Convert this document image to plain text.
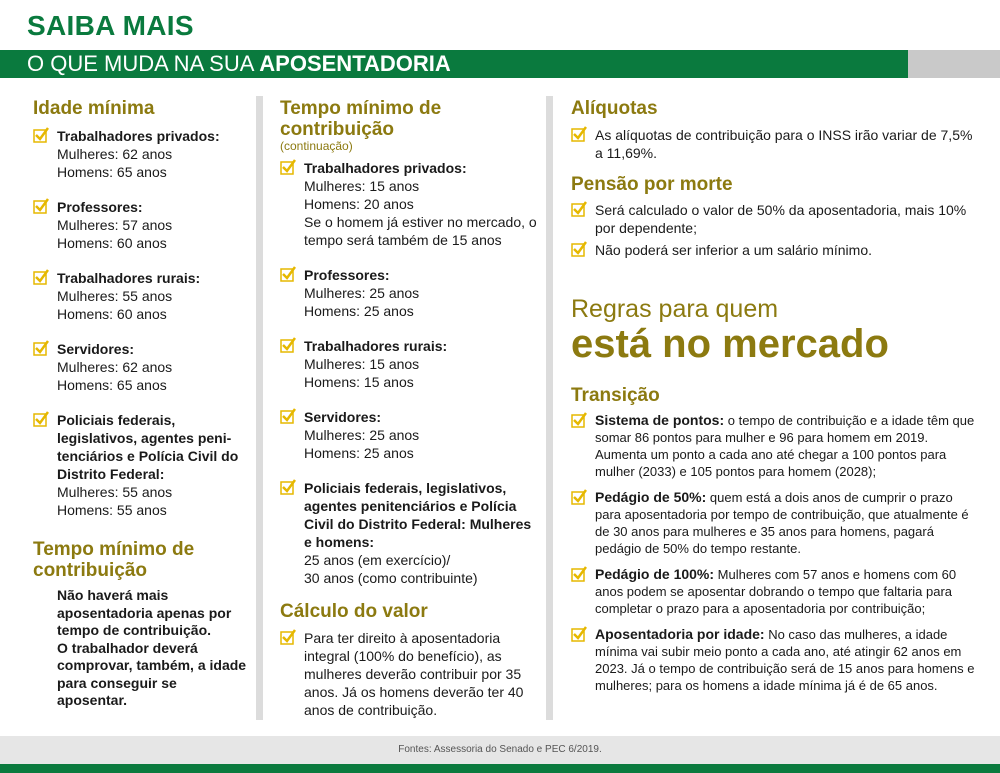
SAIBA MAIS
O QUE MUDA NA SUA APOSENTADORIA
Idade mínima
Trabalhadores privados:
Mulheres: 62 anos
Homens: 65 anos
Professores:
Mulheres: 57 anos
Homens: 60 anos
Trabalhadores rurais:
Mulheres: 55 anos
Homens: 60 anos
Servidores:
Mulheres: 62 anos
Homens: 65 anos
Policiais federais, legislativos, agentes peni-tenciários e Polícia Civil do Distrito Federal:
Mulheres: 55 anos
Homens: 55 anos
Tempo mínimo de
contribuição
Não haverá mais aposentadoria apenas por tempo de contribuição.
O trabalhador deverá comprovar, também, a idade para conseguir se aposentar.
Tempo mínimo de contribuição

(continuação)

Trabalhadores privados:
Mulheres: 15 anos
Homens: 20 anos
Se o homem já estiver no mercado, o tempo será também de 15 anos
Professores:
Mulheres: 25 anos
Homens: 25 anos
Trabalhadores rurais:
Mulheres: 15 anos
Homens: 15 anos
Servidores:
Mulheres: 25 anos
Homens: 25 anos
Policiais federais, legislativos, agentes penitenciários e Polícia Civil do Distrito Federal: Mulheres e homens:
25 anos (em exercício)/
30 anos (como contribuinte)
Cálculo do valor
Para ter direito à aposentadoria integral (100% do benefício), as mulheres deverão contribuir por 35 anos. Já os homens deverão ter 40 anos de contribuição.
Alíquotas
As alíquotas de contribuição para o INSS irão variar de 7,5% a 11,69%.
Pensão por morte
Será calculado o valor de 50% da aposentadoria, mais 10% por dependente;
Não poderá ser inferior a um salário mínimo.

Regras para quem

está no mercado

Transição
Sistema de pontos: o tempo de contribuição e a idade têm que somar 86 pontos para mulher e 96 para homem em 2019. Aumenta um ponto a cada ano até chegar a 100 pontos para mulher (2033) e 105 pontos para homem (2028);
Pedágio de 50%: quem está a dois anos de cumprir o prazo para aposentadoria por tempo de contribuição, que atualmente é de 30 anos para mulheres e 35 anos para homens, pagará pedágio de 50% do tempo restante.
Pedágio de 100%: Mulheres com 57 anos e homens com 60 anos podem se aposentar dobrando o tempo que faltaria para completar o prazo para a aposentadoria por contribuição;
Aposentadoria por idade: No caso das mulheres, a idade mínima vai subir meio ponto a cada ano, até atingir 62 anos em 2023. Já o tempo de contribuição será de 15 anos para homens e mulheres; para os homens a idade mínima já é de 65 anos.
Fontes: Assessoria do Senado e PEC 6/2019.
